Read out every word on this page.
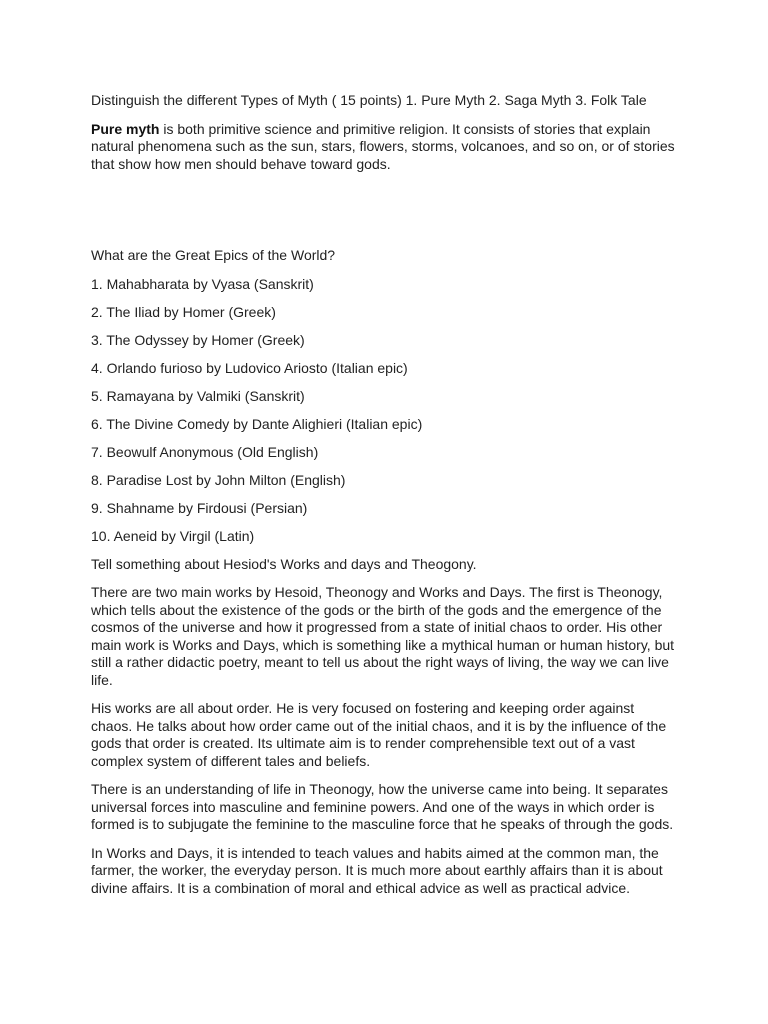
Distinguish the different Types of Myth ( 15 points) 1. Pure Myth 2. Saga Myth 3. Folk Tale

Pure myth is both primitive science and primitive religion. It consists of stories that explain natural phenomena such as the sun, stars, flowers, storms, volcanoes, and so on, or of stories that show how men should behave toward gods.

What are the Great Epics of the World?

1. Mahabharata by Vyasa (Sanskrit)
2. The Iliad by Homer (Greek)
3. The Odyssey by Homer (Greek)
4. Orlando furioso by Ludovico Ariosto (Italian epic)
5. Ramayana by Valmiki (Sanskrit)
6. The Divine Comedy by Dante Alighieri (Italian epic)
7. Beowulf Anonymous (Old English)
8. Paradise Lost by John Milton (English)
9. Shahname by Firdousi (Persian)
10. Aeneid by Virgil (Latin)

Tell something about Hesiod's Works and days and Theogony.

There are two main works by Hesoid, Theonogy and Works and Days. The first is Theonogy, which tells about the existence of the gods or the birth of the gods and the emergence of the cosmos of the universe and how it progressed from a state of initial chaos to order. His other main work is Works and Days, which is something like a mythical human or human history, but still a rather didactic poetry, meant to tell us about the right ways of living, the way we can live life.

His works are all about order. He is very focused on fostering and keeping order against chaos. He talks about how order came out of the initial chaos, and it is by the influence of the gods that order is created. Its ultimate aim is to render comprehensible text out of a vast complex system of different tales and beliefs.

There is an understanding of life in Theonogy, how the universe came into being. It separates universal forces into masculine and feminine powers. And one of the ways in which order is formed is to subjugate the feminine to the masculine force that he speaks of through the gods.

In Works and Days, it is intended to teach values and habits aimed at the common man, the farmer, the worker, the everyday person. It is much more about earthly affairs than it is about divine affairs. It is a combination of moral and ethical advice as well as practical advice.
